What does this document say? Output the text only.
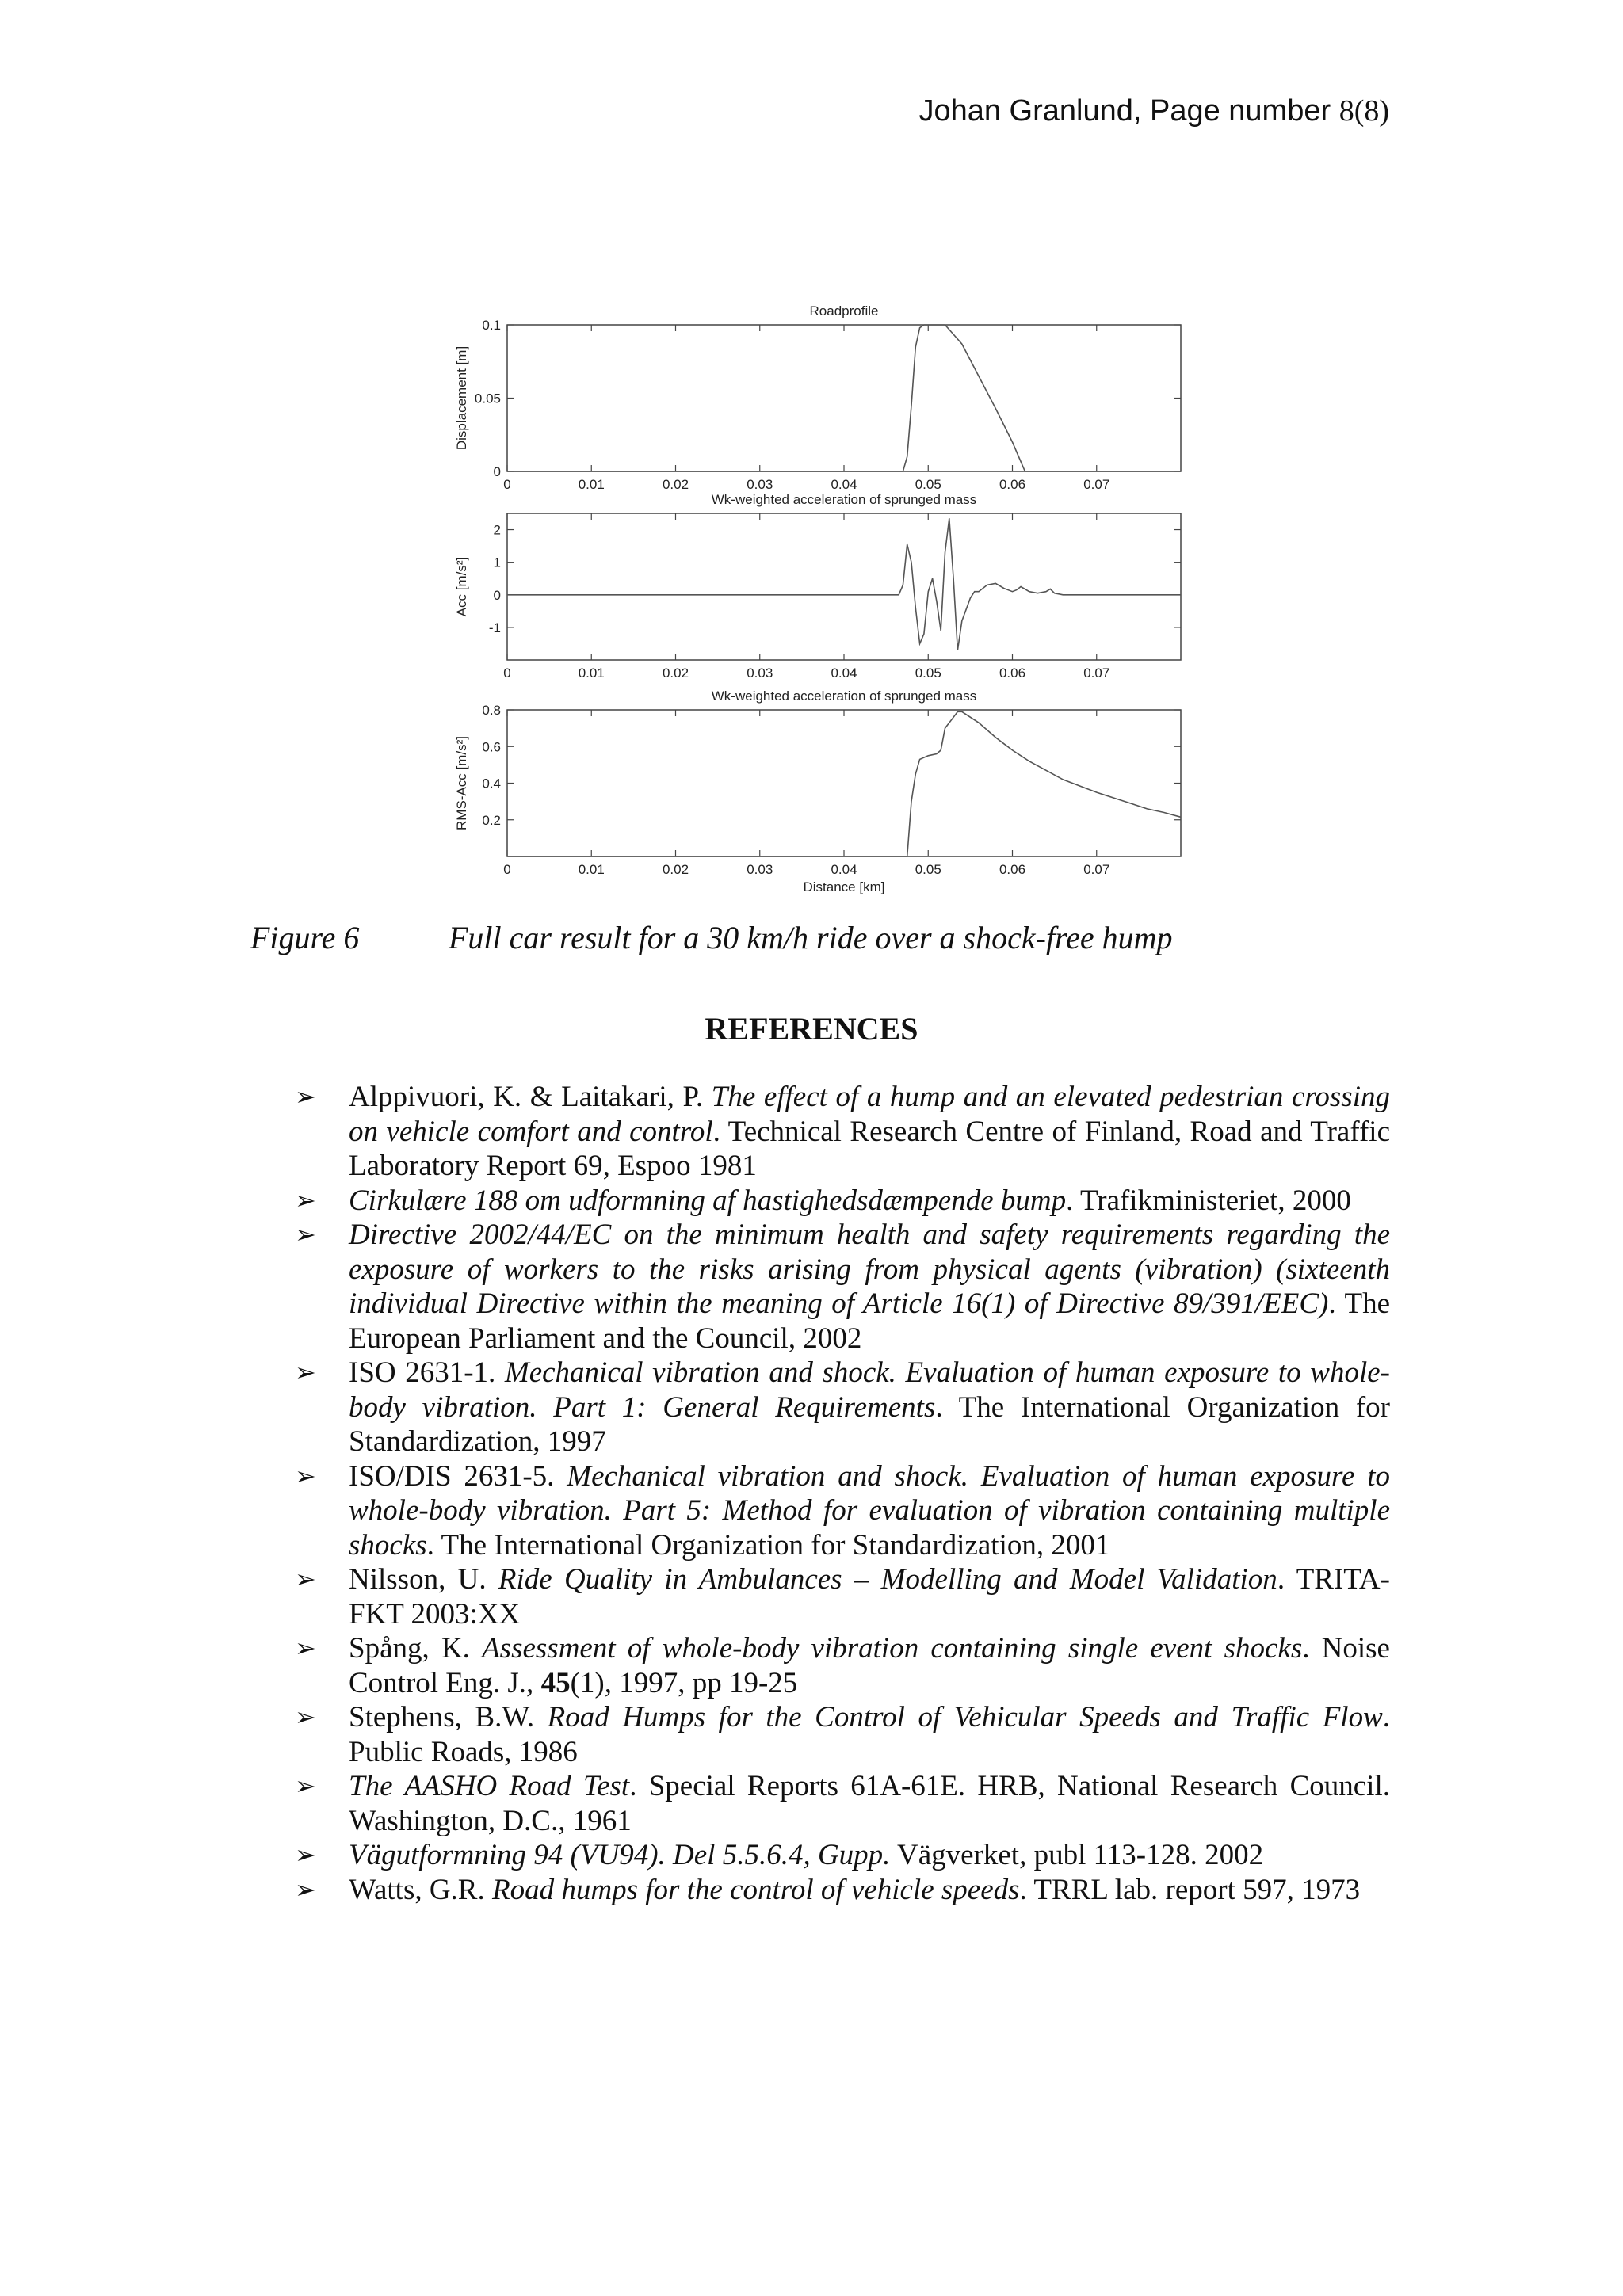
Johan Granlund, Page number 8(8)
0	0.01	0.02	0.03	0.04	0.05	0.06	0.07
0
0.05
0.1
Roadprofile
Displacement [m]
0	0.01	0.02	0.03	0.04	0.05	0.06	0.07
-1
0
1
2
Wk-weighted acceleration of sprunged mass
Acc [m/s²]
0	0.01	0.02	0.03	0.04	0.05	0.06	0.07
0.2
0.4
0.6
0.8
Wk-weighted acceleration of sprunged mass
RMS-Acc [m/s²]
Distance [km]
Figure 6	Full car result for a 30 km/h ride over a shock-free hump
REFERENCES
➢ Alppivuori, K. & Laitakari, P. The effect of a hump and an elevated pedestrian crossing on vehicle comfort and control. Technical Research Centre of Finland, Road and Traffic Laboratory Report 69, Espoo 1981
➢ Cirkulære 188 om udformning af hastighedsdæmpende bump. Trafikministeriet, 2000
➢ Directive 2002/44/EC on the minimum health and safety requirements regarding the exposure of workers to the risks arising from physical agents (vibration) (sixteenth individual Directive within the meaning of Article 16(1) of Directive 89/391/EEC). The European Parliament and the Council, 2002
➢ ISO 2631-1. Mechanical vibration and shock. Evaluation of human exposure to whole-body vibration. Part 1: General Requirements. The International Organization for Standardization, 1997
➢ ISO/DIS 2631-5. Mechanical vibration and shock. Evaluation of human exposure to whole-body vibration. Part 5: Method for evaluation of vibration containing multiple shocks. The International Organization for Standardization, 2001
➢ Nilsson, U. Ride Quality in Ambulances – Modelling and Model Validation. TRITA-FKT 2003:XX
➢ Spång, K. Assessment of whole-body vibration containing single event shocks. Noise Control Eng. J., 45(1), 1997, pp 19-25
➢ Stephens, B.W. Road Humps for the Control of Vehicular Speeds and Traffic Flow. Public Roads, 1986
➢ The AASHO Road Test. Special Reports 61A-61E. HRB, National Research Council. Washington, D.C., 1961
➢ Vägutformning 94 (VU94). Del 5.5.6.4, Gupp. Vägverket, publ 113-128. 2002
➢ Watts, G.R. Road humps for the control of vehicle speeds. TRRL lab. report 597, 1973
